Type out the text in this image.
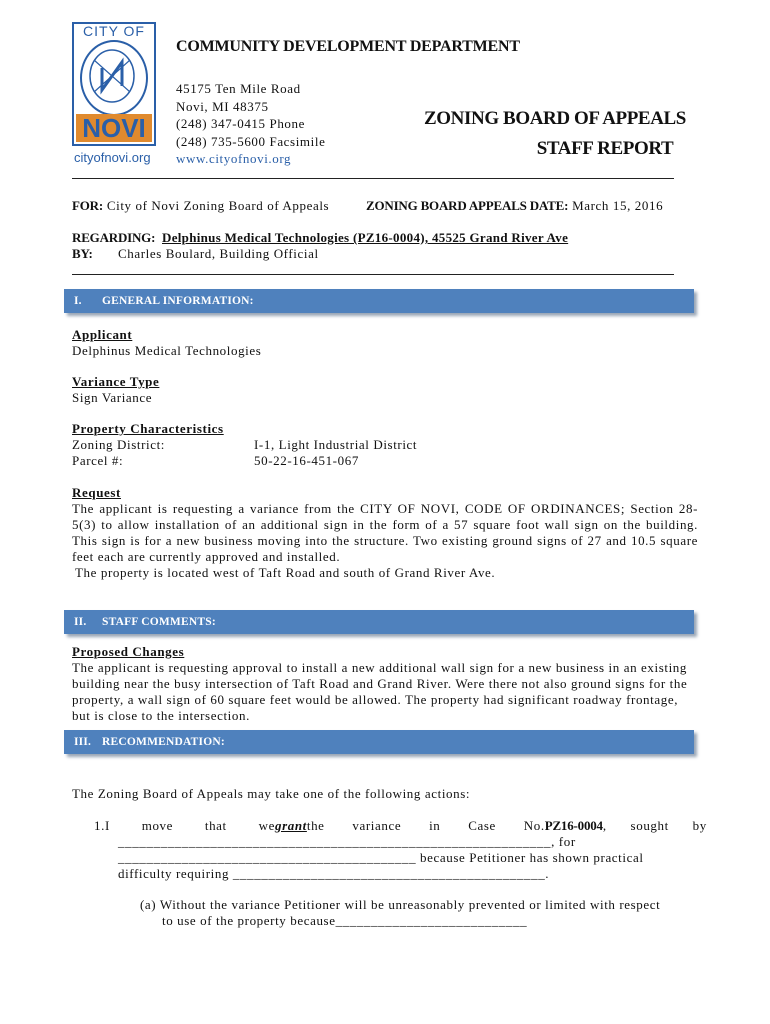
CITY OF
NOVI
cityofnovi.org
COMMUNITY DEVELOPMENT DEPARTMENT
45175 Ten Mile Road
Novi, MI 48375
(248) 347-0415 Phone
(248) 735-5600 Facsimile
www.cityofnovi.org
ZONING BOARD OF APPEALS
STAFF REPORT
FOR: City of Novi Zoning Board of Appeals	ZONING BOARD APPEALS DATE: March 15, 2016
REGARDING: Delphinus Medical Technologies (PZ16-0004), 45525 Grand River Ave
BY: Charles Boulard, Building Official
I. GENERAL INFORMATION:
Applicant
Delphinus Medical Technologies
Variance Type
Sign Variance
Property Characteristics
Zoning District:	I-1, Light Industrial District
Parcel #:	50-22-16-451-067
Request
The applicant is requesting a variance from the CITY OF NOVI, CODE OF ORDINANCES; Section 28-5(3) to allow installation of an additional sign in the form of a 57 square foot wall sign on the building. This sign is for a new business moving into the structure. Two existing ground signs of 27 and 10.5 square feet each are currently approved and installed.
The property is located west of Taft Road and south of Grand River Ave.
II. STAFF COMMENTS:
Proposed Changes
The applicant is requesting approval to install a new additional wall sign for a new business in an existing building near the busy intersection of Taft Road and Grand River. Were there not also ground signs for the property, a wall sign of 60 square feet would be allowed. The property had significant roadway frontage, but is close to the intersection.
III. RECOMMENDATION:
The Zoning Board of Appeals may take one of the following actions:
1. I move that we grant the variance in Case No. PZ16-0004 , sought by
_____________________________________________________________, for
__________________________________________ because Petitioner has shown practical
difficulty requiring ____________________________________________.
(a) Without the variance Petitioner will be unreasonably prevented or limited with respect
to use of the property because___________________________
